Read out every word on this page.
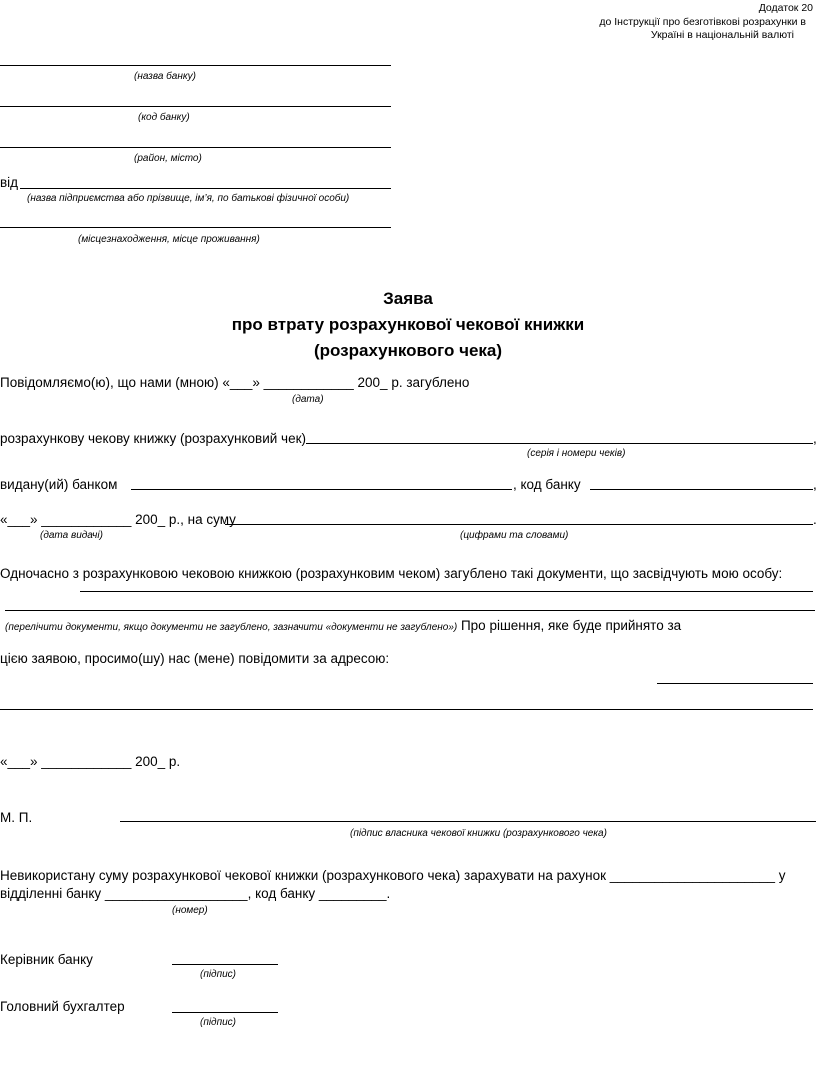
Додаток 20
до Інструкції про безготівкові розрахунки в
Україні в національній валюті
(назва банку)
(код банку)
(район, місто)
від
(назва підприємства або прізвище, ім’я, по батькові фізичної особи)
(місцезнаходження, місце проживання)
Заява
про втрату розрахункової чекової книжки
(розрахункового чека)
Повідомляємо(ю), що нами (мною) «___» ____________ 200_ р. загублено
(дата)
розрахункову чекову книжку (розрахунковий чек)	,
(серія і номери чеків)
видану(ий) банком	, код банку	,
«___» ____________ 200_ р., на суму	.
(дата видачі)	(цифрами та словами)
Одночасно з розрахунковою чековою книжкою (розрахунковим чеком) загублено такі документи, що засвідчують мою особу:
(перелічити документи, якщо документи не загублено, зазначити «документи не загублено») Про рішення, яке буде прийнято за
цією заявою, просимо(шу) нас (мене) повідомити за адресою:
«___» ____________ 200_ р.
М. П.
(підпис власника чекової книжки (розрахункового чека)
Невикористану суму розрахункової чекової книжки (розрахункового чека) зарахувати на рахунок ______________________ у
відділенні банку ___________________, код банку _________.
(номер)
Керівник банку
(підпис)
Головний бухгалтер
(підпис)
